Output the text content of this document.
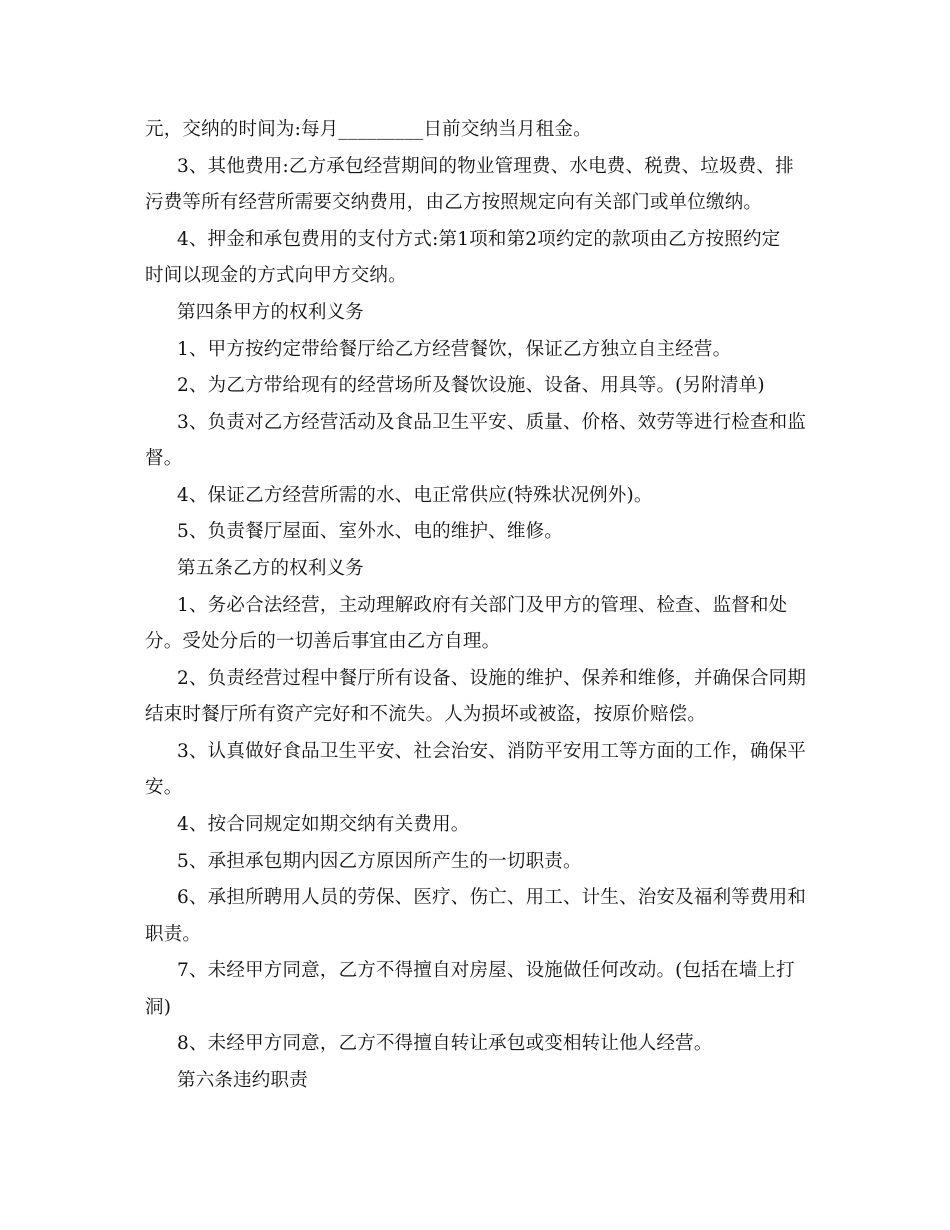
元，交纳的时间为:每月_________日前交纳当月租金。
3、其他费用:乙方承包经营期间的物业管理费、水电费、税费、垃圾费、排
污费等所有经营所需要交纳费用，由乙方按照规定向有关部门或单位缴纳。
4、押金和承包费用的支付方式:第1项和第2项约定的款项由乙方按照约定
时间以现金的方式向甲方交纳。
第四条甲方的权利义务
1、甲方按约定带给餐厅给乙方经营餐饮，保证乙方独立自主经营。
2、为乙方带给现有的经营场所及餐饮设施、设备、用具等。(另附清单)
3、负责对乙方经营活动及食品卫生平安、质量、价格、效劳等进行检查和监
督。
4、保证乙方经营所需的水、电正常供应(特殊状况例外)。
5、负责餐厅屋面、室外水、电的维护、维修。
第五条乙方的权利义务
1、务必合法经营，主动理解政府有关部门及甲方的管理、检查、监督和处
分。受处分后的一切善后事宜由乙方自理。
2、负责经营过程中餐厅所有设备、设施的维护、保养和维修，并确保合同期
结束时餐厅所有资产完好和不流失。人为损坏或被盗，按原价赔偿。
3、认真做好食品卫生平安、社会治安、消防平安用工等方面的工作，确保平
安。
4、按合同规定如期交纳有关费用。
5、承担承包期内因乙方原因所产生的一切职责。
6、承担所聘用人员的劳保、医疗、伤亡、用工、计生、治安及福利等费用和
职责。
7、未经甲方同意，乙方不得擅自对房屋、设施做任何改动。(包括在墙上打
洞)
8、未经甲方同意，乙方不得擅自转让承包或变相转让他人经营。
第六条违约职责
